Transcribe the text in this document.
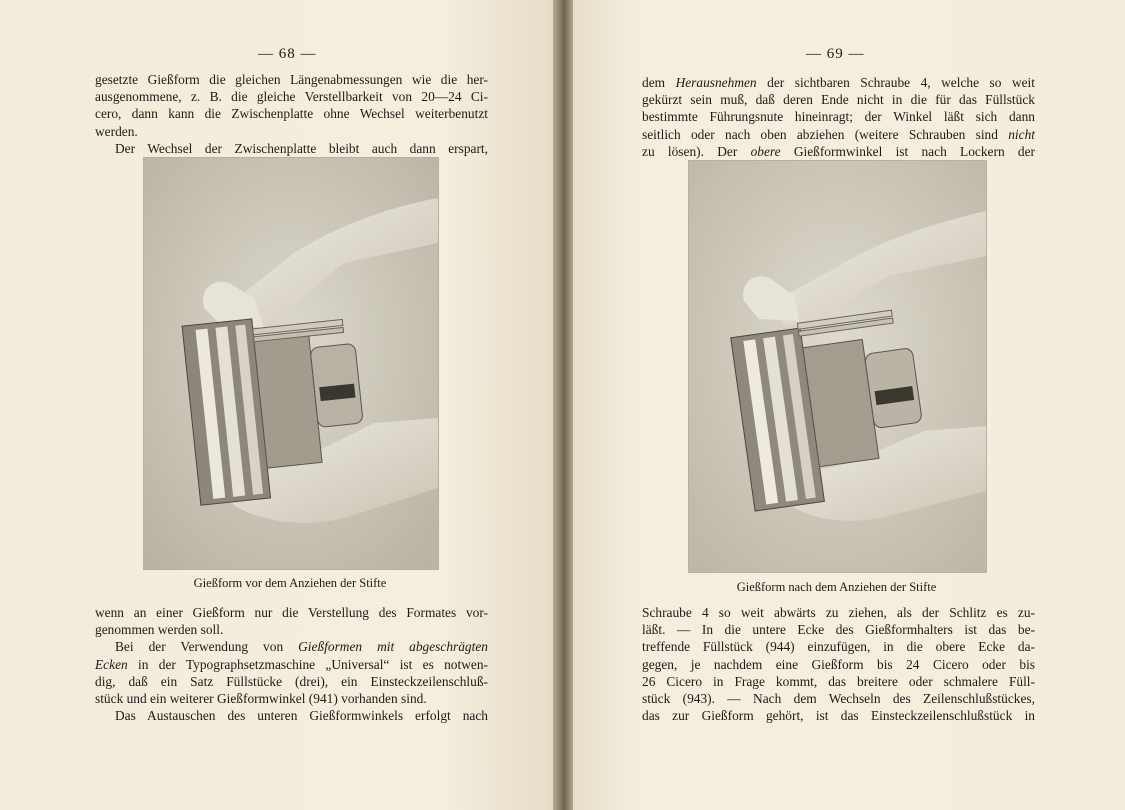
— 68 —
gesetzte Gießform die gleichen Längenabmessungen wie die her-
ausgenommene, z. B. die gleiche Verstellbarkeit von 20—24 Ci-
cero, dann kann die Zwischenplatte ohne Wechsel weiterbenutzt
werden.
Der Wechsel der Zwischenplatte bleibt auch dann erspart,
Gießform vor dem Anziehen der Stifte
wenn an einer Gießform nur die Verstellung des Formates vor-
genommen werden soll.
Bei der Verwendung von Gießformen mit abgeschrägten
Ecken in der Typographsetzmaschine „Universal“ ist es notwen-
dig, daß ein Satz Füllstücke (drei), ein Einsteckzeilenschluß-
stück und ein weiterer Gießformwinkel (941) vorhanden sind.
Das Austauschen des unteren Gießformwinkels erfolgt nach
— 69 —
dem Herausnehmen der sichtbaren Schraube 4, welche so weit
gekürzt sein muß, daß deren Ende nicht in die für das Füllstück
bestimmte Führungsnute hineinragt; der Winkel läßt sich dann
seitlich oder nach oben abziehen (weitere Schrauben sind nicht
zu lösen). Der obere Gießformwinkel ist nach Lockern der
Gießform nach dem Anziehen der Stifte
Schraube 4 so weit abwärts zu ziehen, als der Schlitz es zu-
läßt. — In die untere Ecke des Gießformhalters ist das be-
treffende Füllstück (944) einzufügen, in die obere Ecke da-
gegen, je nachdem eine Gießform bis 24 Cicero oder bis
26 Cicero in Frage kommt, das breitere oder schmalere Füll-
stück (943). — Nach dem Wechseln des Zeilenschlußstückes,
das zur Gießform gehört, ist das Einsteckzeilenschlußstück in
